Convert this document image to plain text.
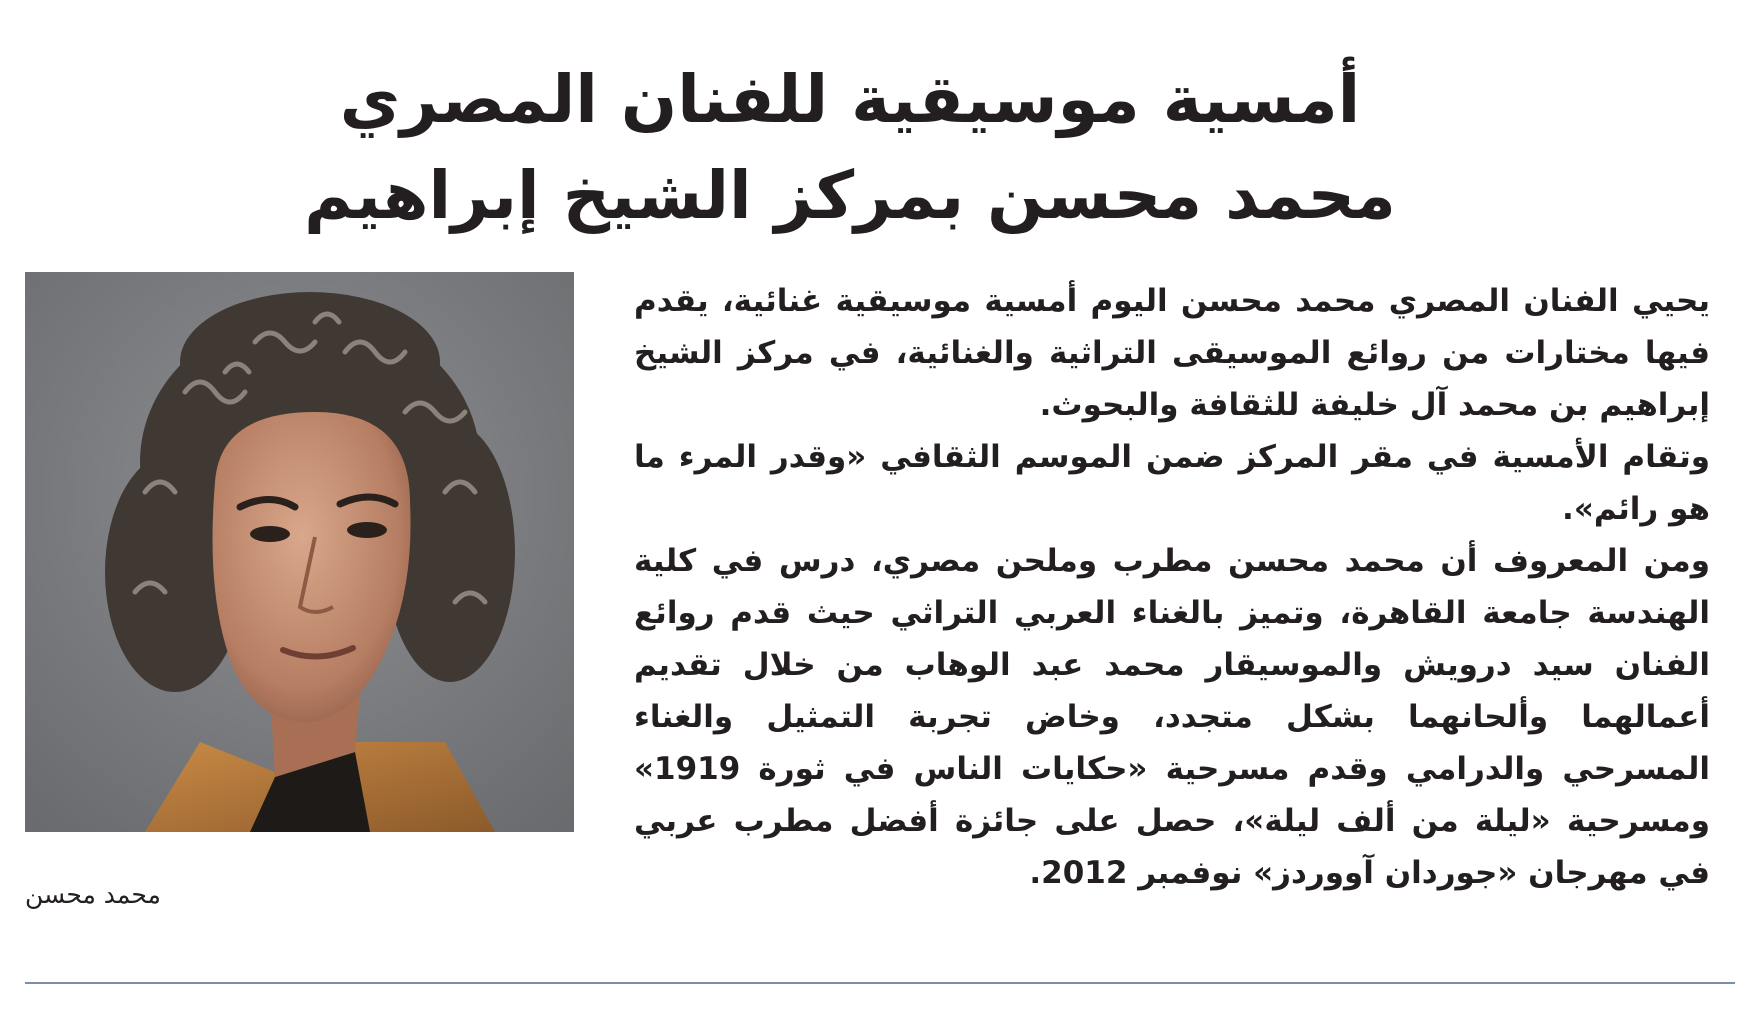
أمسية موسيقية للفنان المصري
محمد محسن بمركز الشيخ إبراهيم
محمد محسن

يحيي الفنان المصري محمد محسن اليوم أمسية موسيقية غنائية، يقدم فيها مختارات من روائع الموسيقى التراثية والغنائية، في مركز الشيخ إبراهيم بن محمد آل خليفة للثقافة والبحوث.

وتقام الأمسية في مقر المركز ضمن الموسم الثقافي «وقدر المرء ما هو رائم».

ومن المعروف أن محمد محسن مطرب وملحن مصري، درس في كلية الهندسة جامعة القاهرة، وتميز بالغناء العربي التراثي حيث قدم روائع الفنان سيد درويش والموسيقار محمد عبد الوهاب من خلال تقديم أعمالهما وألحانهما بشكل متجدد، وخاض تجربة التمثيل والغناء المسرحي والدرامي وقدم مسرحية «حكايات الناس في ثورة 1919» ومسرحية «ليلة من ألف ليلة»، حصل على جائزة أفضل مطرب عربي في مهرجان «جوردان آووردز» نوفمبر 2012.
